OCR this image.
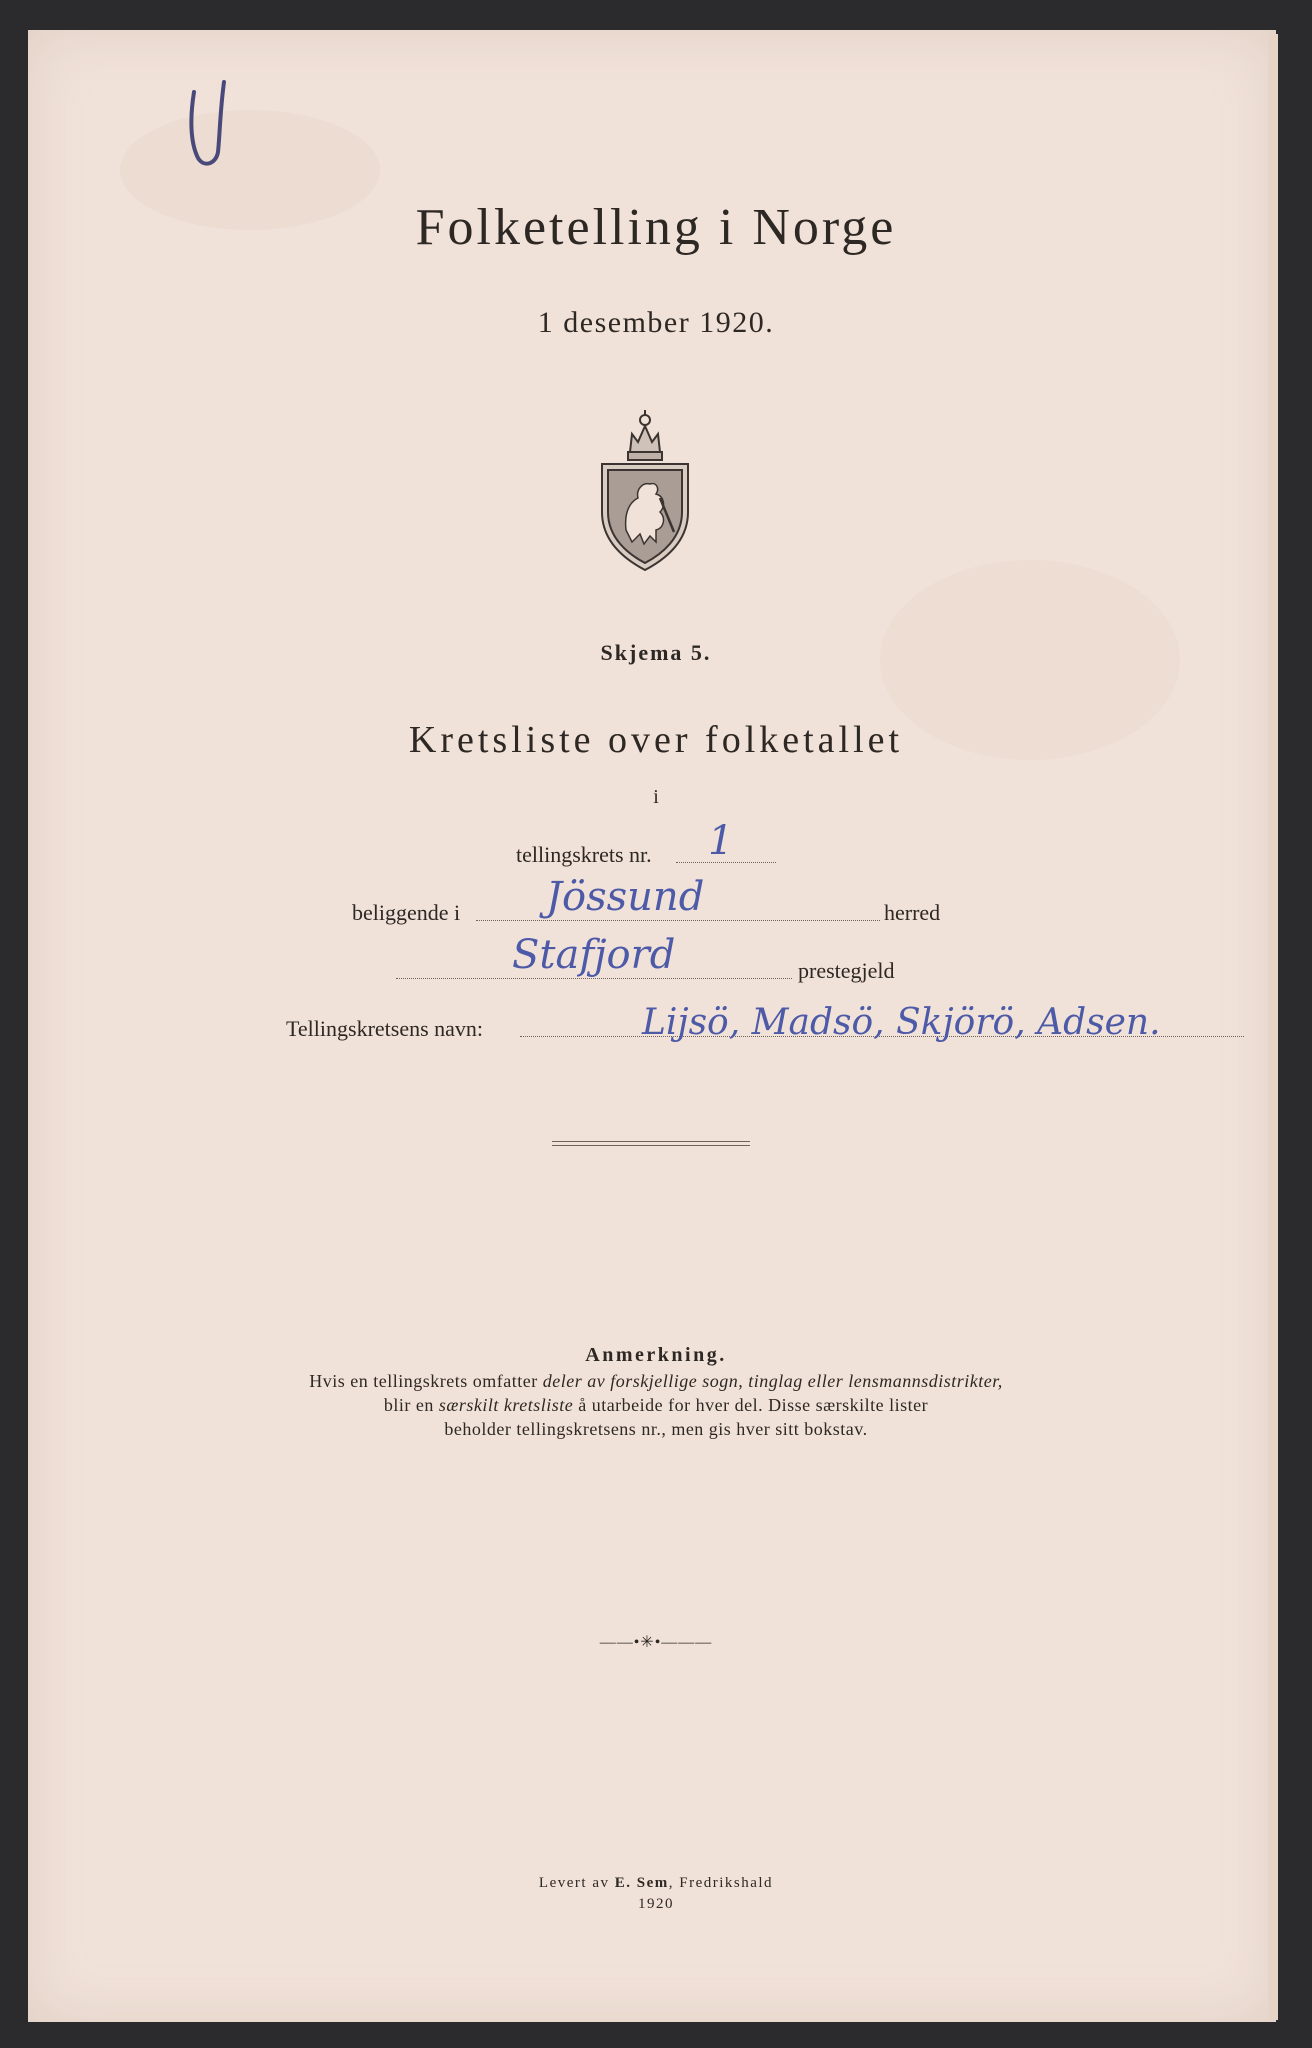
Folketelling i Norge
1 desember 1920.
Skjema 5.
Kretsliste over folketallet
i
tellingskrets nr. 1
beliggende i Jössund	herred
Stafjord	prestegjeld
Tellingskretsens navn:	Lijsö, Madsö, Skjörö, Adsen.
Anmerkning.
Hvis en tellingskrets omfatter deler av forskjellige sogn, tinglag eller lensmannsdistrikter,
blir en særskilt kretsliste å utarbeide for hver del. Disse særskilte lister
beholder tellingskretsens nr., men gis hver sitt bokstav.
——•✳•———
Levert av E. Sem, Fredrikshald
1920
